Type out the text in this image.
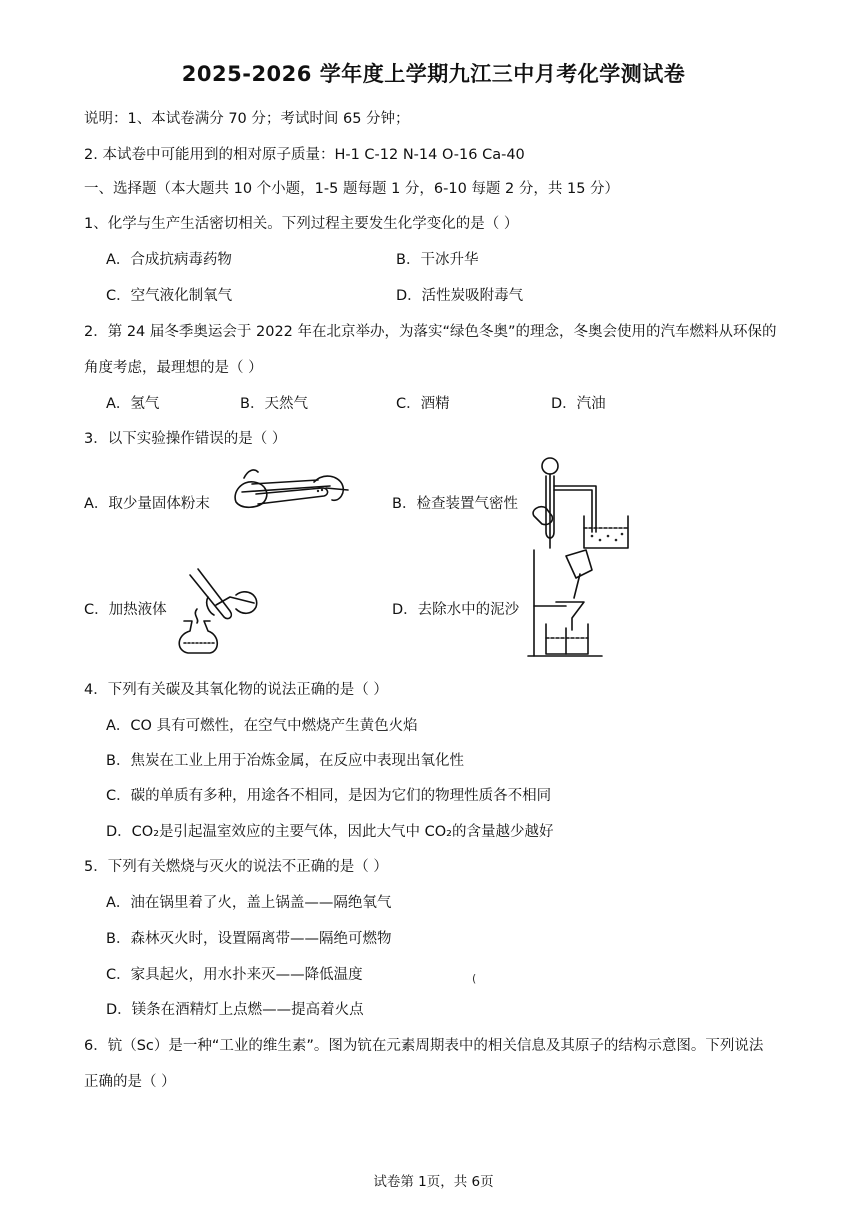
2025-2026 学年度上学期九江三中月考化学测试卷
说明：1、本试卷满分 70 分；考试时间 65 分钟；
2. 本试卷中可能用到的相对原子质量：H-1 C-12 N-14 O-16 Ca-40
一、选择题（本大题共 10 个小题，1-5 题每题 1 分，6-10 每题 2 分，共 15 分）
1、化学与生产生活密切相关。下列过程主要发生化学变化的是（ ）
A．合成抗病毒药物	B．干冰升华
C．空气液化制氧气	D．活性炭吸附毒气
2．第 24 届冬季奥运会于 2022 年在北京举办，为落实“绿色冬奥”的理念，冬奥会使用的汽车燃料从环保的
角度考虑，最理想的是（ ）
A．氢气	B．天然气	C．酒精	D．汽油
3．以下实验操作错误的是（ ）
A．取少量固体粉末	B．检查装置气密性
C．加热液体	D．去除水中的泥沙
4．下列有关碳及其氧化物的说法正确的是（ ）
A．CO 具有可燃性，在空气中燃烧产生黄色火焰
B．焦炭在工业上用于冶炼金属，在反应中表现出氧化性
C．碳的单质有多种，用途各不相同，是因为它们的物理性质各不相同
D．CO₂是引起温室效应的主要气体，因此大气中 CO₂的含量越少越好
5．下列有关燃烧与灭火的说法不正确的是（ ）
A．油在锅里着了火，盖上锅盖——隔绝氧气
B．森林灭火时，设置隔离带——隔绝可燃物
C．家具起火，用水扑来灭——降低温度	(
D．镁条在酒精灯上点燃——提高着火点
6．钪（Sc）是一种“工业的维生素”。图为钪在元素周期表中的相关信息及其原子的结构示意图。下列说法
正确的是（ ）
试卷第 1页，共 6页
